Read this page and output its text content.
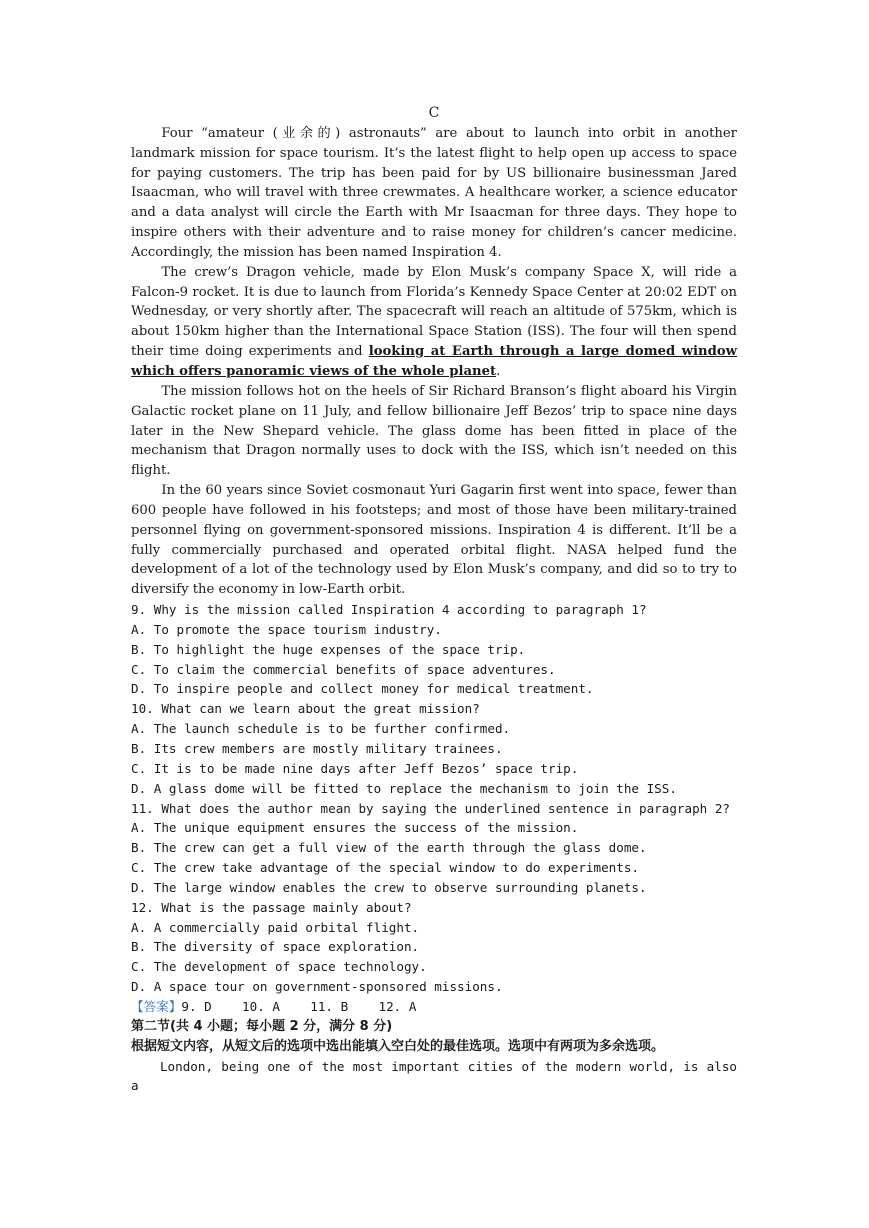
C

Four “amateur (业余的) astronauts” are about to launch into orbit in another landmark mission for space tourism. It’s the latest flight to help open up access to space for paying customers. The trip has been paid for by US billionaire businessman Jared Isaacman, who will travel with three crewmates. A healthcare worker, a science educator and a data analyst will circle the Earth with Mr Isaacman for three days. They hope to inspire others with their adventure and to raise money for children’s cancer medicine. Accordingly, the mission has been named Inspiration 4.

The crew’s Dragon vehicle, made by Elon Musk’s company Space X, will ride a Falcon-9 rocket. It is due to launch from Florida’s Kennedy Space Center at 20:02 EDT on Wednesday, or very shortly after. The spacecraft will reach an altitude of 575km, which is about 150km higher than the International Space Station (ISS). The four will then spend their time doing experiments and looking at Earth through a large domed window which offers panoramic views of the whole planet.

The mission follows hot on the heels of Sir Richard Branson’s flight aboard his Virgin Galactic rocket plane on 11 July, and fellow billionaire Jeff Bezos’ trip to space nine days later in the New Shepard vehicle. The glass dome has been fitted in place of the mechanism that Dragon normally uses to dock with the ISS, which isn’t needed on this flight.

In the 60 years since Soviet cosmonaut Yuri Gagarin first went into space, fewer than 600 people have followed in his footsteps; and most of those have been military-trained personnel flying on government-sponsored missions. Inspiration 4 is different. It’ll be a fully commercially purchased and operated orbital flight. NASA helped fund the development of a lot of the technology used by Elon Musk’s company, and did so to try to diversify the economy in low-Earth orbit.

9. Why is the mission called Inspiration 4 according to paragraph 1?

A. To promote the space tourism industry.

B. To highlight the huge expenses of the space trip.

C. To claim the commercial benefits of space adventures.

D. To inspire people and collect money for medical treatment.

10. What can we learn about the great mission?

A. The launch schedule is to be further confirmed.

B. Its crew members are mostly military trainees.

C. It is to be made nine days after Jeff Bezos’ space trip.

D. A glass dome will be fitted to replace the mechanism to join the ISS.

11. What does the author mean by saying the underlined sentence in paragraph 2?

A. The unique equipment ensures the success of the mission.

B. The crew can get a full view of the earth through the glass dome.

C. The crew take advantage of the special window to do experiments.

D. The large window enables the crew to observe surrounding planets.

12. What is the passage mainly about?

A. A commercially paid orbital flight.

B. The diversity of space exploration.

C. The development of space technology.

D. A space tour on government-sponsored missions.

【答案】9. D    10. A    11. B    12. A

第二节(共 4 小题；每小题 2 分，满分 8 分)

根据短文内容，从短文后的选项中选出能填入空白处的最佳选项。选项中有两项为多余选项。

London, being one of the most important cities of the modern world, is also a
